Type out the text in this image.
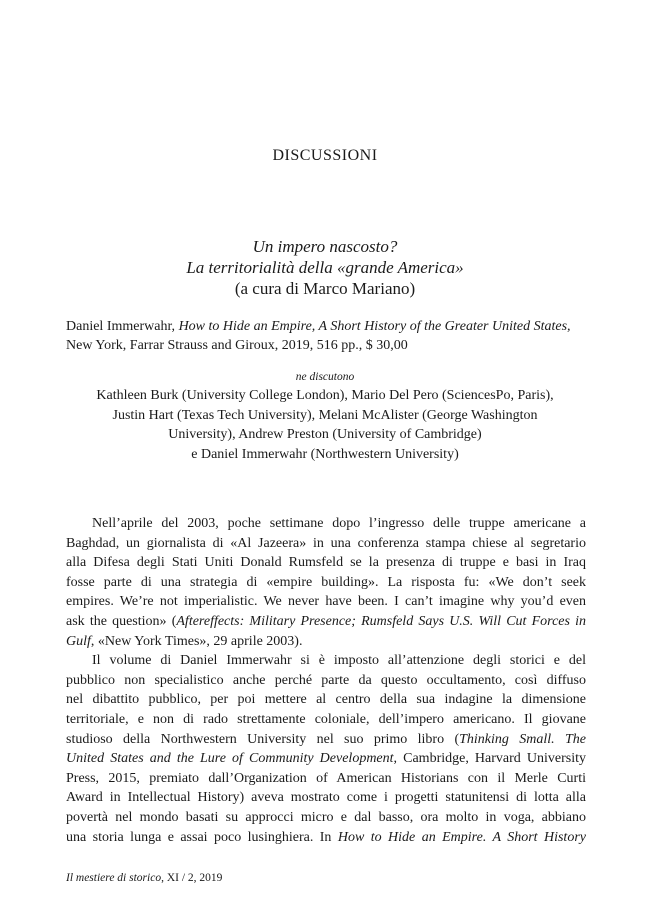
DISCUSSIONI
Un impero nascosto?
La territorialità della «grande America»
(a cura di Marco Mariano)
Daniel Immerwahr, How to Hide an Empire, A Short History of the Greater United States,
New York, Farrar Strauss and Giroux, 2019, 516 pp., $ 30,00
ne discutono
Kathleen Burk (University College London), Mario Del Pero (SciencesPo, Paris),
Justin Hart (Texas Tech University), Melani McAlister (George Washington
University), Andrew Preston (University of Cambridge)
e Daniel Immerwahr (Northwestern University)
Nell’aprile del 2003, poche settimane dopo l’ingresso delle truppe americane a
Baghdad, un giornalista di «Al Jazeera» in una conferenza stampa chiese al segretario
alla Difesa degli Stati Uniti Donald Rumsfeld se la presenza di truppe e basi in Iraq
fosse parte di una strategia di «empire building». La risposta fu: «We don’t seek
empires. We’re not imperialistic. We never have been. I can’t imagine why you’d even
ask the question» (Aftereffects: Military Presence; Rumsfeld Says U.S. Will Cut Forces in
Gulf, «New York Times», 29 aprile 2003).
Il volume di Daniel Immerwahr si è imposto all’attenzione degli storici e del
pubblico non specialistico anche perché parte da questo occultamento, così diffuso
nel dibattito pubblico, per poi mettere al centro della sua indagine la dimensione
territoriale, e non di rado strettamente coloniale, dell’impero americano. Il giovane
studioso della Northwestern University nel suo primo libro (Thinking Small. The
United States and the Lure of Community Development, Cambridge, Harvard University
Press, 2015, premiato dall’Organization of American Historians con il Merle Curti
Award in Intellectual History) aveva mostrato come i progetti statunitensi di lotta alla
povertà nel mondo basati su approcci micro e dal basso, ora molto in voga, abbiano
una storia lunga e assai poco lusinghiera. In How to Hide an Empire. A Short History
Il mestiere di storico, XI / 2, 2019
